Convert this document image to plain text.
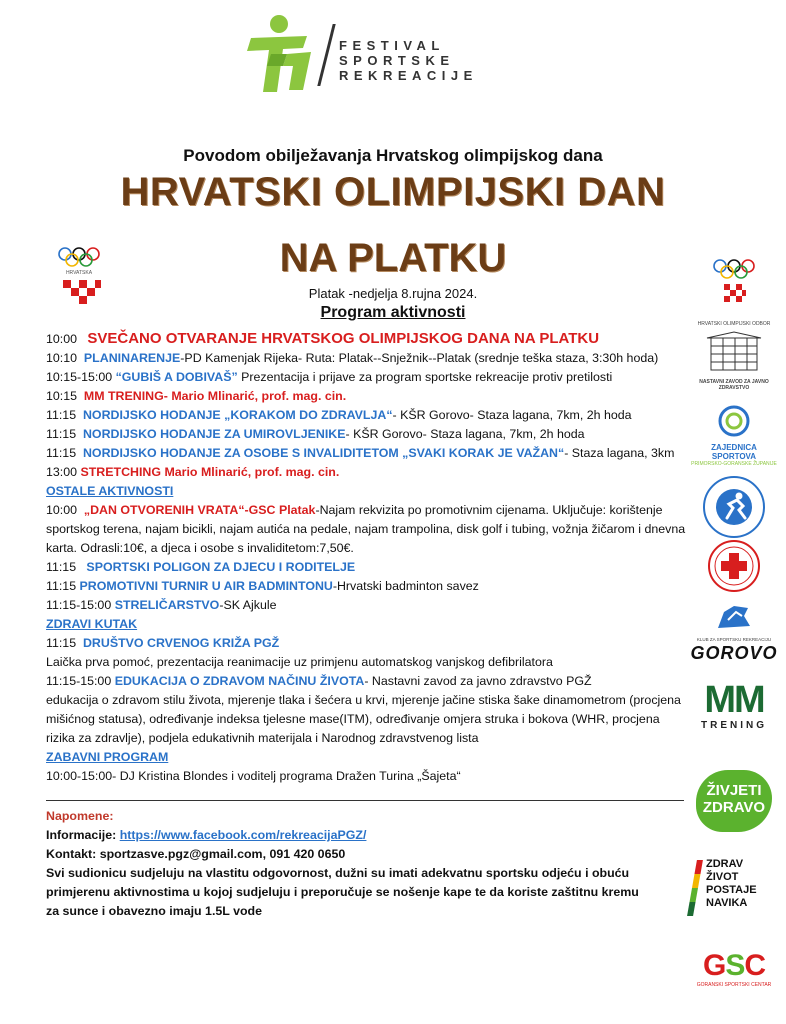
FESTIVAL
SPORTSKE
REKREACIJE
Povodom obilježavanja Hrvatskog olimpijskog dana
HRVATSKI OLIMPIJSKI DAN
NA PLATKU
Platak -nedjelja 8.rujna 2024.
Program aktivnosti
HRVATSKA
10:00 SVEČANO OTVARANJE HRVATSKOG OLIMPIJSKOG DANA NA PLATKU
10:10 PLANINARENJE-PD Kamenjak Rijeka- Ruta: Platak--Snježnik--Platak (srednje teška staza, 3:30h hoda)
10:15-15:00 “GUBIŠ A DOBIVAŠ” Prezentacija i prijave za program sportske rekreacije protiv pretilosti
10:15 MM TRENING- Mario Mlinarić, prof. mag. cin.
11:15 NORDIJSKO HODANJE „KORAKOM DO ZDRAVLJA“- KŠR Gorovo- Staza lagana, 7km, 2h hoda
11:15 NORDIJSKO HODANJE ZA UMIROVLJENIKE- KŠR Gorovo- Staza lagana, 7km, 2h hoda
11:15 NORDIJSKO HODANJE ZA OSOBE S INVALIDITETOM „SVAKI KORAK JE VAŽAN“- Staza lagana, 3km
13:00 STRETCHING Mario Mlinarić, prof. mag. cin.
OSTALE AKTIVNOSTI
10:00 „DAN OTVORENIH VRATA“-GSC Platak-Najam rekvizita po promotivnim cijenama. Uključuje: korištenje sportskog terena, najam bicikli, najam autića na pedale, najam trampolina, disk golf i tubing, vožnja žičarom i dnevna karta. Odrasli:10€, a djeca i osobe s invaliditetom:7,50€.
11:15   SPORTSKI POLIGON ZA DJECU I RODITELJE
11:15 PROMOTIVNI TURNIR U AIR BADMINTONU-Hrvatski badminton savez
11:15-15:00 STRELIČARSTVO-SK Ajkule
ZDRAVI KUTAK
11:15 DRUŠTVO CRVENOG KRIŽA PGŽ
Laička prva pomoć, prezentacija reanimacije uz primjenu automatskog vanjskog defibrilatora
11:15-15:00 EDUKACIJA O ZDRAVOM NAČINU ŽIVOTA- Nastavni zavod za javno zdravstvo PGŽ
edukacija o zdravom stilu života, mjerenje tlaka i šećera u krvi, mjerenje jačine stiska šake dinamometrom (procjena mišićnog statusa), određivanje indeksa tjelesne mase(ITM), određivanje omjera struka i bokova (WHR, procjena rizika za zdravlje), podjela edukativnih materijala i Narodnog zdravstvenog lista
ZABAVNI PROGRAM
10:00-15:00- DJ Kristina Blondes i voditelj programa Dražen Turina „Šajeta“
Napomene:
Informacije: https://www.facebook.com/rekreacijaPGZ/
Kontakt: sportzasve.pgz@gmail.com, 091 420 0650
Svi sudionicu sudjeluju na vlastitu odgovornost, dužni su imati adekvatnu sportsku odjeću i obuću primjerenu aktivnostima u kojoj sudjeluju i preporučuje se nošenje kape te da koriste zaštitnu kremu za sunce i obavezno imaju 1.5L vode
HRVATSKI OLIMPIJSKI ODBOR
NASTAVNI ZAVOD ZA JAVNO ZDRAVSTVO
ZAJEDNICA SPORTOVA
PRIMORSKO-GORANSKE ŽUPANIJE
KLUB ZA SPORTSKU REKREACIJU
GOROVO
MM
TRENING
ŽIVJETI
ZDRAVO
ZDRAV
ŽIVOT
POSTAJE
NAVIKA
GSC
GORANSKI SPORTSKI CENTAR
